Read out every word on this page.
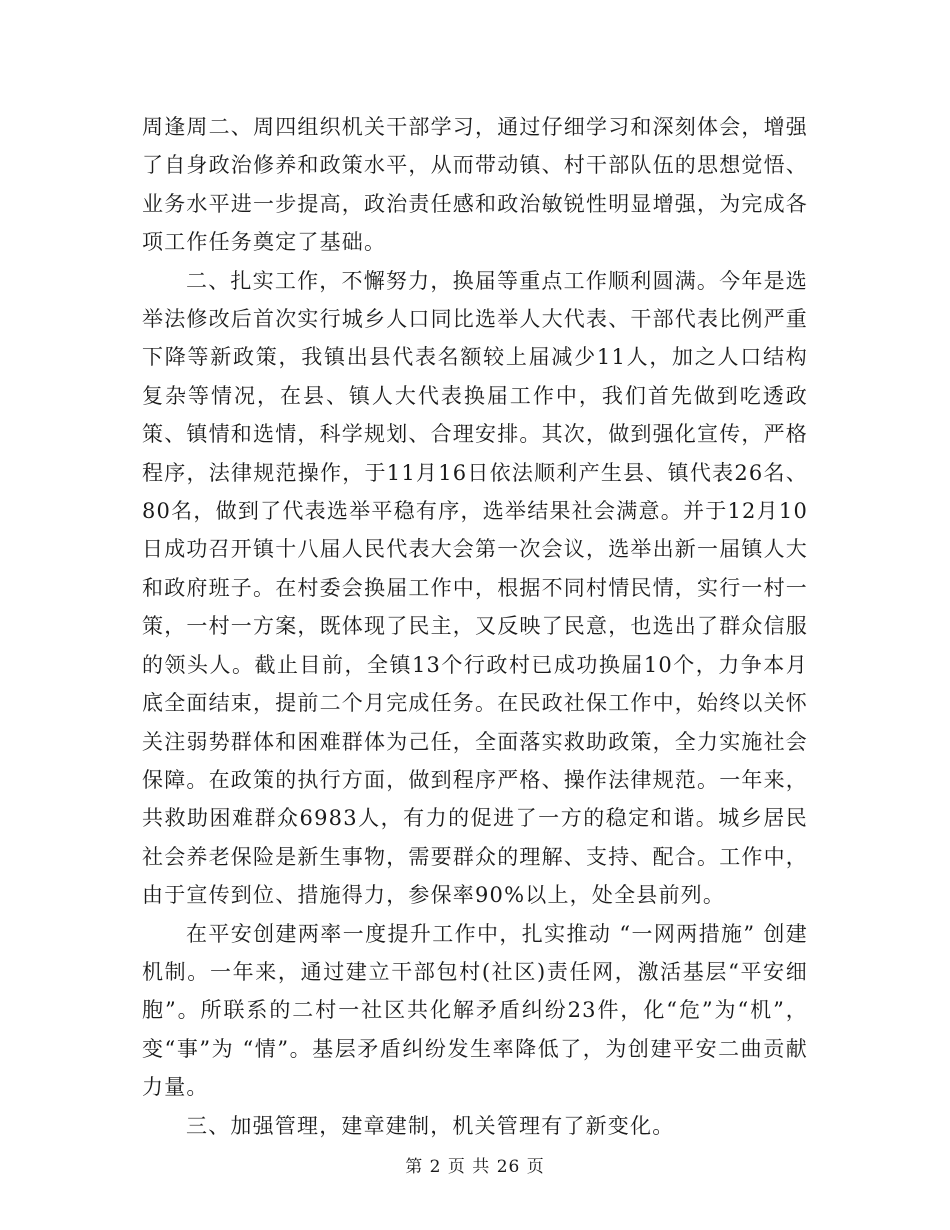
周逢周二、周四组织机关干部学习，通过仔细学习和深刻体会，增强了自身政治修养和政策水平，从而带动镇、村干部队伍的思想觉悟、业务水平进一步提高，政治责任感和政治敏锐性明显增强，为完成各项工作任务奠定了基础。

二、扎实工作，不懈努力，换届等重点工作顺利圆满。今年是选举法修改后首次实行城乡人口同比选举人大代表、干部代表比例严重下降等新政策，我镇出县代表名额较上届减少11人，加之人口结构复杂等情况，在县、镇人大代表换届工作中，我们首先做到吃透政策、镇情和选情，科学规划、合理安排。其次，做到强化宣传，严格程序，法律规范操作，于11月16日依法顺利产生县、镇代表26名、80名，做到了代表选举平稳有序，选举结果社会满意。并于12月10日成功召开镇十八届人民代表大会第一次会议，选举出新一届镇人大和政府班子。在村委会换届工作中，根据不同村情民情，实行一村一策，一村一方案，既体现了民主，又反映了民意，也选出了群众信服的领头人。截止目前，全镇13个行政村已成功换届10个，力争本月底全面结束，提前二个月完成任务。在民政社保工作中，始终以关怀关注弱势群体和困难群体为己任，全面落实救助政策，全力实施社会保障。在政策的执行方面，做到程序严格、操作法律规范。一年来，共救助困难群众6983人，有力的促进了一方的稳定和谐。城乡居民社会养老保险是新生事物，需要群众的理解、支持、配合。工作中，由于宣传到位、措施得力，参保率90%以上，处全县前列。

在平安创建两率一度提升工作中，扎实推动 “一网两措施” 创建机制。一年来，通过建立干部包村(社区)责任网，激活基层“平安细胞”。所联系的二村一社区共化解矛盾纠纷23件，化“危”为“机”，变“事”为 “情”。基层矛盾纠纷发生率降低了，为创建平安二曲贡献力量。

三、加强管理，建章建制，机关管理有了新变化。

第 2 页 共 26 页
